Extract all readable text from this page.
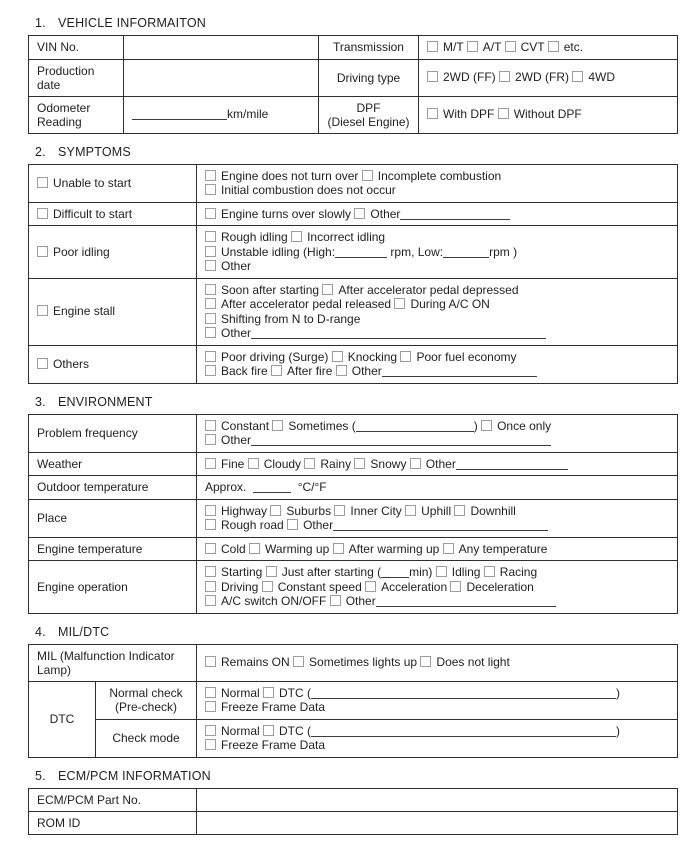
1. VEHICLE INFORMAITON
VIN No.		Transmission	M/T A/T CVT etc.

Production date		Driving type	2WD (FF) 2WD (FR) 4WD

Odometer Reading	km/mile	DPF
(Diesel Engine)	With DPF Without DPF
2. SYMPTOMS
Unable to start	Engine does not turn over Incomplete combustion
Initial combustion does not occur

Difficult to start	Engine turns over slowly Other

Poor idling	Rough idling Incorrect idling
Unstable idling (High: rpm, Low: rpm )
Other

Engine stall	Soon after starting After accelerator pedal depressed
After accelerator pedal released During A/C ON
Shifting from N to D-range
Other

Others	Poor driving (Surge) Knocking Poor fuel economy
Back fire After fire Other
3. ENVIRONMENT
Problem frequency	Constant Sometimes ( ) Once only
Other

Weather	Fine Cloudy Rainy Snowy Other

Outdoor temperature	Approx. °C/°F

Place	Highway Suburbs Inner City Uphill Downhill
Rough road Other

Engine temperature	Cold Warming up After warming up Any temperature

Engine operation	Starting Just after starting ( min) Idling Racing
Driving Constant speed Acceleration Deceleration
A/C switch ON/OFF Other
4. MIL/DTC
MIL (Malfunction Indicator Lamp)		Remains ON Sometimes lights up Does not light

DTC	Normal check (Pre-check)	Normal DTC ( )
Freeze Frame Data

	Check mode	Normal DTC ( )
Freeze Frame Data
5. ECM/PCM INFORMATION
ECM/PCM Part No.	
ROM ID	
